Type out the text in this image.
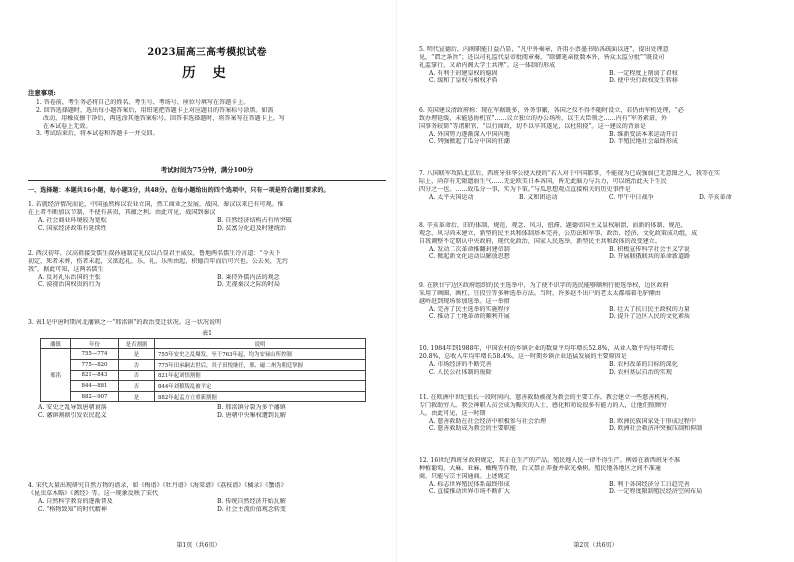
2023届高三高考模拟试卷
历 史
注意事项:
1. 答卷前，考生务必将自己的姓名、考生号、考场号、座位号填写在答题卡上。
2. 回答选择题时，选出每小题答案后，用铅笔把答题卡上对应题目的答案标号涂黑。如需
改动，用橡皮擦干净后，再选涂其他答案标号。回答非选择题时，将答案写在答题卡上。写
在本试卷上无效。
3. 考试结束后，将本试卷和答题卡一并交回。
考试时间为75分钟，满分100分
一、选择题：本题共16小题，每小题3分，共48分。在每小题给出的四个选项中，只有一项是符合题目要求的。
1. 若就经济情况而论，中国虽然称以农业立国，然工商业之发展，战国、秦汉以来已有可观。惟
在上者不断加以节制，不使有甚贵，其蕴之利。由此可见，战国到秦汉
A. 社会商业环境较为宽松	B. 自然经济结构占有所突破
C. 国家经济政策有延续性	D. 贫富分化趋及时建统治
2. 西汉初年，汉高祖接受儒生叔孙通制定礼仪以凸显君主威仪，鲁地两名儒生冷言道：“今天下
初定，死者未葬，伤者未起，又欲起礼、乐。礼、乐所由起，积德百年而后可兴也。公去矣，无污
我”。据此可知，这两名儒生
A. 反对礼乐治国的主张	B. 秉持外儒内法的观念
C. 漠视治国权贵的行为	D. 无视秦汉之际的时局
3. 表1是中唐时期河北藩镇之一“邢洺镇”的政治变迁状况。这一状况说明
表1
藩镇	年份	是否割据	说明
邢洺	755—774	是	755年安史之乱爆发，至于763年起，均为安禄山所控制
	775—820	否	775年田承嗣去世后，其子田悦继任，邢、磁二州为朝廷掌握
	821—843	否	821年起刘悟割据
	844—881	否	844年刘稹叛乱被平定
	882—907	是	882年起孟方立重新割据
A. 安史之乱导致唐朝衰落	B. 邢洺镇分裂为多个藩镇
C. 藩镇割据引发农民起义	D. 唐朝中央集权遭到瓦解
4. 宋代大量出现研究自然万物的谱录，如《梅谱》《牡丹谱》《海棠谱》《荔枝谱》《橘录》《蟹谱》
《昆虫草木略》《禽经》等。这一现象反映了宋代
A. 自然科学教育的逐渐普及	B. 传统自然经济开始瓦解
C. “格物致知”的时代精神	D. 社会主流价值观念转变
第1页（共6页）
5. 明代宣德后，内阁职能日益凸显，“凡中外奏章，许用小票墨书贴各疏面以进”，提出处理意
见，“谓之条旨”；还以司礼监代皇帝批阅章奏，“除御笔亲批数本外，皆众太监分批”“既设司
礼监掌行，又命内阁大学士共理”。这一体制的形成
A. 有利于封建皇权的稳固	B. 一定程度上削弱了君权
C. 缓和了皇权与相权矛盾	D. 使中央行政权发生转移
6. 英国建议清政府称：现在军据既多，外务事繁，各国之仪不得不随时设立，若仍由军机处理，“必
致办理延缓，未能恳协机宜”……议立独立的办公场所，以王大臣领之……内有“军务素谙，外
国事务较简”等诸职官，“以行商政，切不以卒其遂见，以杜阻挠”。这一建议的背景是
A. 外国势力逐渐深入中国内地	B. 维新变法本来运动开启
C. 列强掀起了瓜分中国的狂潮	D. 半殖民地社会最终形成
7. 八国联军攻陷北京后，西班牙驻华公使大使的“若人对于中国都事，不能视为已成强弱已无意图之人，我等在实
际上，尚存有无限遗弱生气……无论欧美日本各国，皆无此脑力与兵力，可以统治此天下生民
四分之一也。……故瓜分一事，实为下策。”与瓜思想观点直接相关的历史事件是
A. 太平天国运动	B. 义和团运动	C. 甲午中日战争	D. 辛亥革命
8. 辛亥革命后，旧的体制、规范、观念、风习，扭滞、题德帝国主义皇权崩溃，而新的体制、规范、
观念、风习尚未建立，新型的民主共和体制基本完善，公历法和军事、政治、经济、文化政策成功组，成
自我调整不定期认中央政府，现代化政治，国家人民选举，新型民主共和政体的改变建立。
A. 发动二次革命推翻封建帝制	B. 积极宣传科学社会主义学说
C. 掀起新文化运动以解放思想	D. 开展联俄联共的革命新道路
9. 在陕甘宁边区政府组织的民主选举中，为了使不识字的选民能够顺利行使选举权，边区政府
采用了画圈、画杠、豆投豆等多种选举方法。当时，许多赵不出户的老太太都端着毛驴颠由
越岭赶到现场参加选举。这一举措
A. 完善了民主选举的实施程序	B. 壮大了抗日民主政权的力量
C. 推动了土地革命的顺利开展	D. 提升了边区人民的文化素质
10. 1984年到1988年，中国农村的乡镇企业的数量平均年增长52.8%，从业人数平均每年增长
20.8%，总收入年均年增长58.4%。这一时期乡镇企业迅猛发展的主要原因是
A. 市场经济的不断完善	B. 农村改革的目标的深化
C. 人民公社体制的废除	D. 农村基层自治的实现
11. 在欧洲中世纪很长一段时间内，慈善救助被视为教会的主要工作。教会建立一些慈善机构，
专门救助穷人。教会神职人员会成为赈灾的人士，感化和劝说很多有能力的人，让他们照顾穷
人。由此可见，这一时期
A. 慈善救助在社会经济中积极参与社会治理	B. 欧洲民族国家处于形成过程中
C. 慈善救助成为教会的主要职能	D. 欧洲社会救济冲突被压制和抑制
12. 16世纪西班牙政府规定，其正在生产的产品，殖民地人民一律不得生产。例如在新西班牙不准
种植葡萄、大麻、亚麻、橄榄等作物，后又禁止养蚕并砍光桑树。殖民地各地区之间不准通
商，只能与宗主国通商。上述规定
A. 标志世界殖民体系最终形成	B. 利于各国经济分工日趋完善
C. 直接推动世界市场不断扩大	D. 一定程度限制殖民经济空间布局
第2页（共6页）
